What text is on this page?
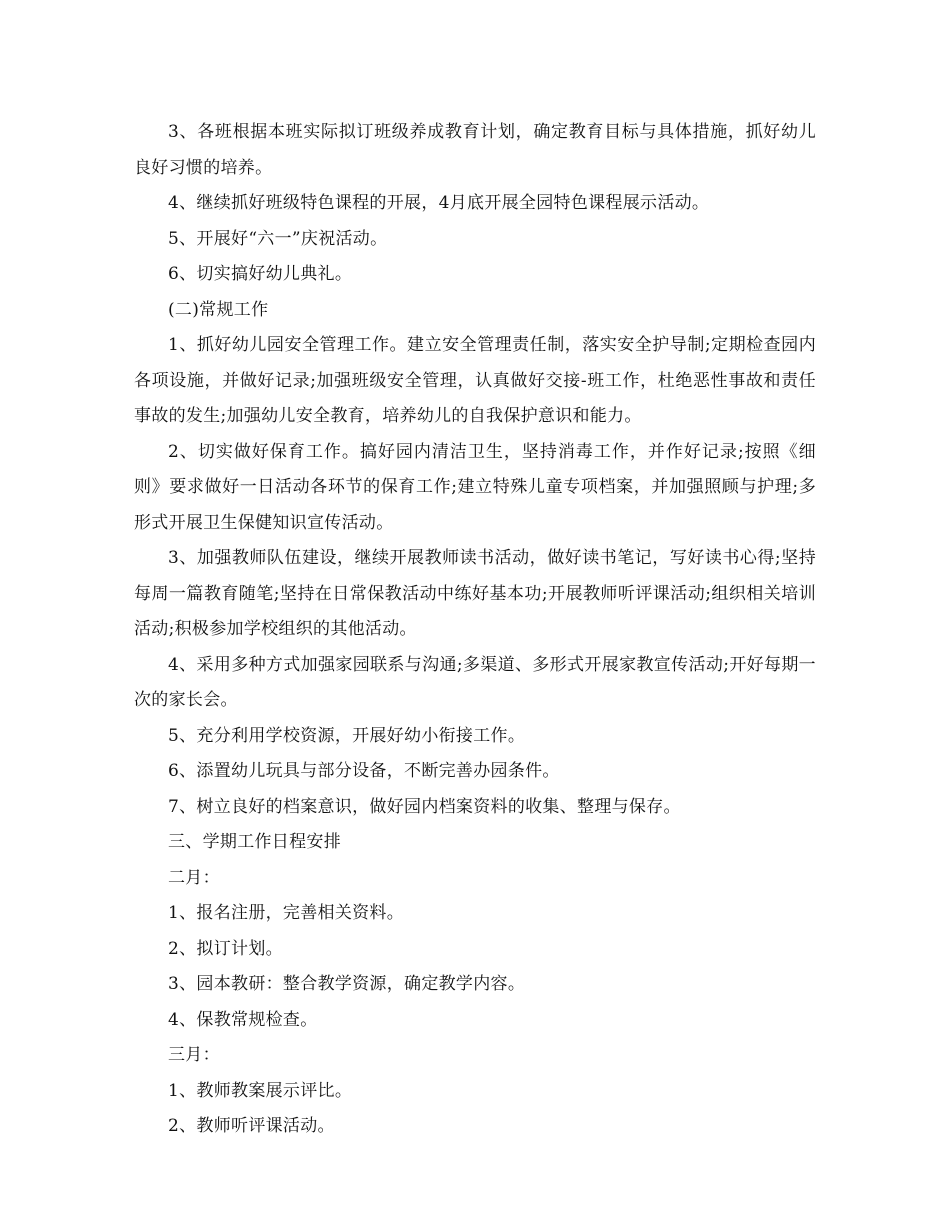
3、各班根据本班实际拟订班级养成教育计划，确定教育目标与具体措施，抓好幼儿良好习惯的培养。

4、继续抓好班级特色课程的开展，4月底开展全园特色课程展示活动。

5、开展好“六一”庆祝活动。

6、切实搞好幼儿典礼。

(二)常规工作

1、抓好幼儿园安全管理工作。建立安全管理责任制，落实安全护导制;定期检查园内各项设施，并做好记录;加强班级安全管理，认真做好交接-班工作，杜绝恶性事故和责任事故的发生;加强幼儿安全教育，培养幼儿的自我保护意识和能力。

2、切实做好保育工作。搞好园内清洁卫生，坚持消毒工作，并作好记录;按照《细则》要求做好一日活动各环节的保育工作;建立特殊儿童专项档案，并加强照顾与护理;多形式开展卫生保健知识宣传活动。

3、加强教师队伍建设，继续开展教师读书活动，做好读书笔记，写好读书心得;坚持每周一篇教育随笔;坚持在日常保教活动中练好基本功;开展教师听评课活动;组织相关培训活动;积极参加学校组织的其他活动。

4、采用多种方式加强家园联系与沟通;多渠道、多形式开展家教宣传活动;开好每期一次的家长会。

5、充分利用学校资源，开展好幼小衔接工作。

6、添置幼儿玩具与部分设备，不断完善办园条件。

7、树立良好的档案意识，做好园内档案资料的收集、整理与保存。

三、学期工作日程安排

二月：

1、报名注册，完善相关资料。

2、拟订计划。

3、园本教研：整合教学资源，确定教学内容。

4、保教常规检查。

三月：

1、教师教案展示评比。

2、教师听评课活动。
